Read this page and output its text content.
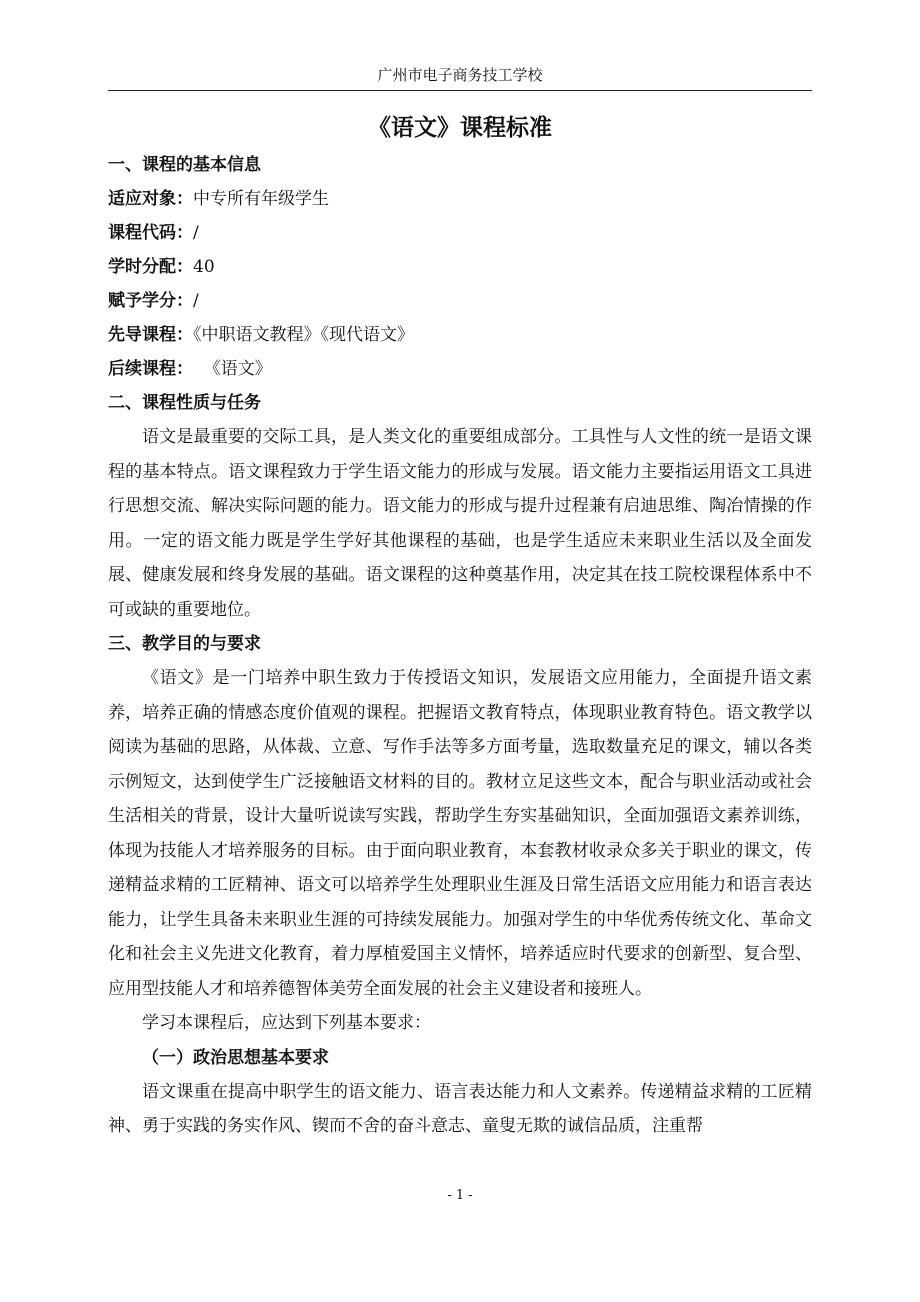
广州市电子商务技工学校

《语文》课程标准

一、课程的基本信息

适应对象：中专所有年级学生

课程代码：/

学时分配：40

赋予学分：/

先导课程：《中职语文教程》《现代语文》

后续课程：  《语文》

二、课程性质与任务

语文是最重要的交际工具，是人类文化的重要组成部分。工具性与人文性的统一是语文课程的基本特点。语文课程致力于学生语文能力的形成与发展。语文能力主要指运用语文工具进行思想交流、解决实际问题的能力。语文能力的形成与提升过程兼有启迪思维、陶冶情操的作用。一定的语文能力既是学生学好其他课程的基础，也是学生适应未来职业生活以及全面发展、健康发展和终身发展的基础。语文课程的这种奠基作用，决定其在技工院校课程体系中不可或缺的重要地位。

三、教学目的与要求

《语文》是一门培养中职生致力于传授语文知识，发展语文应用能力，全面提升语文素养，培养正确的情感态度价值观的课程。把握语文教育特点，体现职业教育特色。语文教学以阅读为基础的思路，从体裁、立意、写作手法等多方面考量，选取数量充足的课文，辅以各类示例短文，达到使学生广泛接触语文材料的目的。教材立足这些文本，配合与职业活动或社会生活相关的背景，设计大量听说读写实践，帮助学生夯实基础知识，全面加强语文素养训练，体现为技能人才培养服务的目标。由于面向职业教育，本套教材收录众多关于职业的课文，传递精益求精的工匠精神、语文可以培养学生处理职业生涯及日常生活语文应用能力和语言表达能力，让学生具备未来职业生涯的可持续发展能力。加强对学生的中华优秀传统文化、革命文化和社会主义先进文化教育，着力厚植爱国主义情怀，培养适应时代要求的创新型、复合型、应用型技能人才和培养德智体美劳全面发展的社会主义建设者和接班人。

学习本课程后，应达到下列基本要求：

（一）政治思想基本要求

语文课重在提高中职学生的语文能力、语言表达能力和人文素养。传递精益求精的工匠精神、勇于实践的务实作风、锲而不舍的奋斗意志、童叟无欺的诚信品质，注重帮

- 1 -
